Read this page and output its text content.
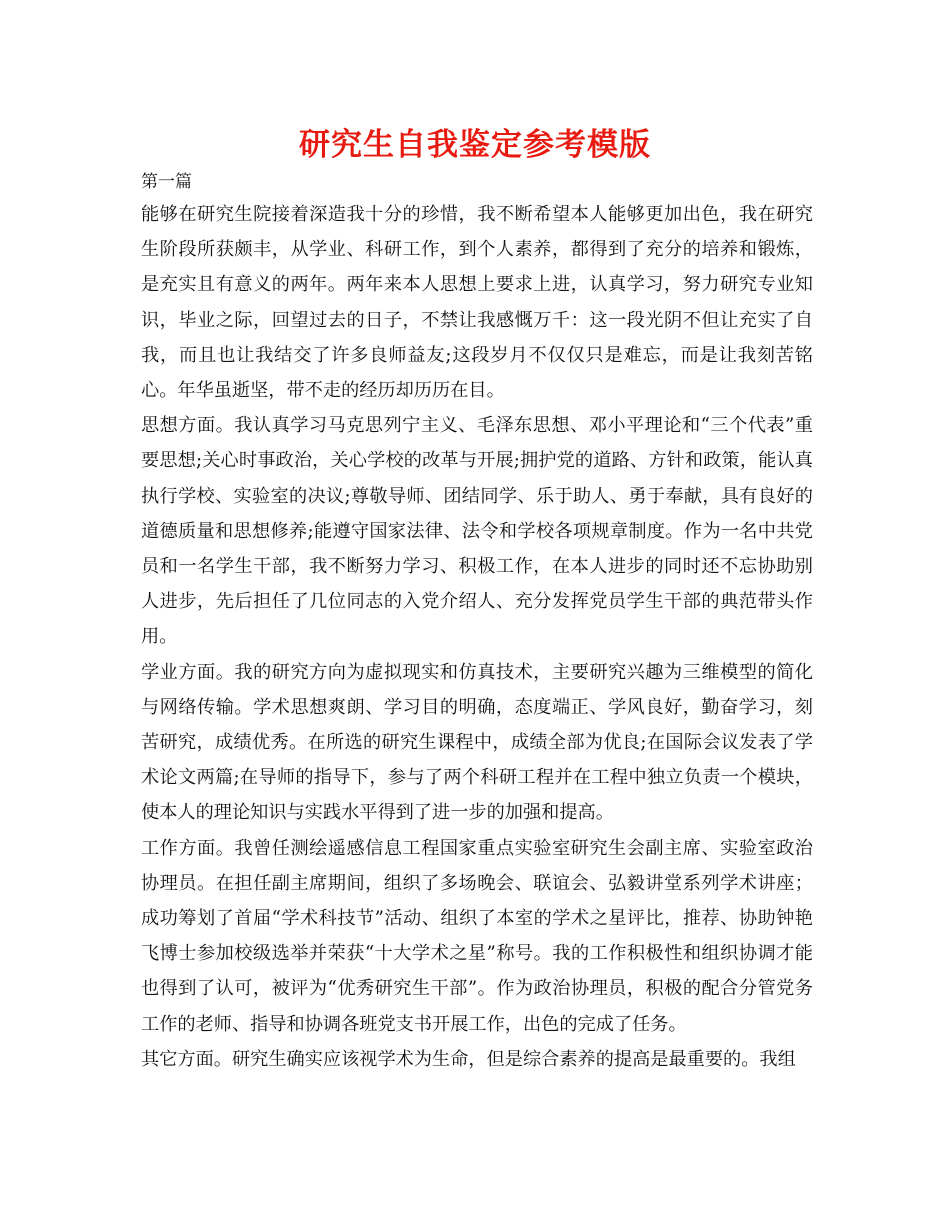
研究生自我鉴定参考模版
第一篇

能够在研究生院接着深造我十分的珍惜，我不断希望本人能够更加出色，我在研究生阶段所获颇丰，从学业、科研工作，到个人素养，都得到了充分的培养和锻炼，是充实且有意义的两年。两年来本人思想上要求上进，认真学习，努力研究专业知识，毕业之际，回望过去的日子，不禁让我感慨万千：这一段光阴不但让充实了自我，而且也让我结交了许多良师益友;这段岁月不仅仅只是难忘，而是让我刻苦铭心。年华虽逝坚，带不走的经历却历历在目。

思想方面。我认真学习马克思列宁主义、毛泽东思想、邓小平理论和“三个代表”重要思想;关心时事政治，关心学校的改革与开展;拥护党的道路、方针和政策，能认真执行学校、实验室的决议;尊敬导师、团结同学、乐于助人、勇于奉献，具有良好的道德质量和思想修养;能遵守国家法律、法令和学校各项规章制度。作为一名中共党员和一名学生干部，我不断努力学习、积极工作，在本人进步的同时还不忘协助别人进步，先后担任了几位同志的入党介绍人、充分发挥党员学生干部的典范带头作用。

学业方面。我的研究方向为虚拟现实和仿真技术，主要研究兴趣为三维模型的简化与网络传输。学术思想爽朗、学习目的明确，态度端正、学风良好，勤奋学习，刻苦研究，成绩优秀。在所选的研究生课程中，成绩全部为优良;在国际会议发表了学术论文两篇;在导师的指导下，参与了两个科研工程并在工程中独立负责一个模块，使本人的理论知识与实践水平得到了进一步的加强和提高。

工作方面。我曾任测绘遥感信息工程国家重点实验室研究生会副主席、实验室政治协理员。在担任副主席期间，组织了多场晚会、联谊会、弘毅讲堂系列学术讲座；成功筹划了首届“学术科技节”活动、组织了本室的学术之星评比，推荐、协助钟艳飞博士参加校级选举并荣获“十大学术之星”称号。我的工作积极性和组织协调才能也得到了认可，被评为“优秀研究生干部”。作为政治协理员，积极的配合分管党务工作的老师、指导和协调各班党支书开展工作，出色的完成了任务。

其它方面。研究生确实应该视学术为生命，但是综合素养的提高是最重要的。我组
